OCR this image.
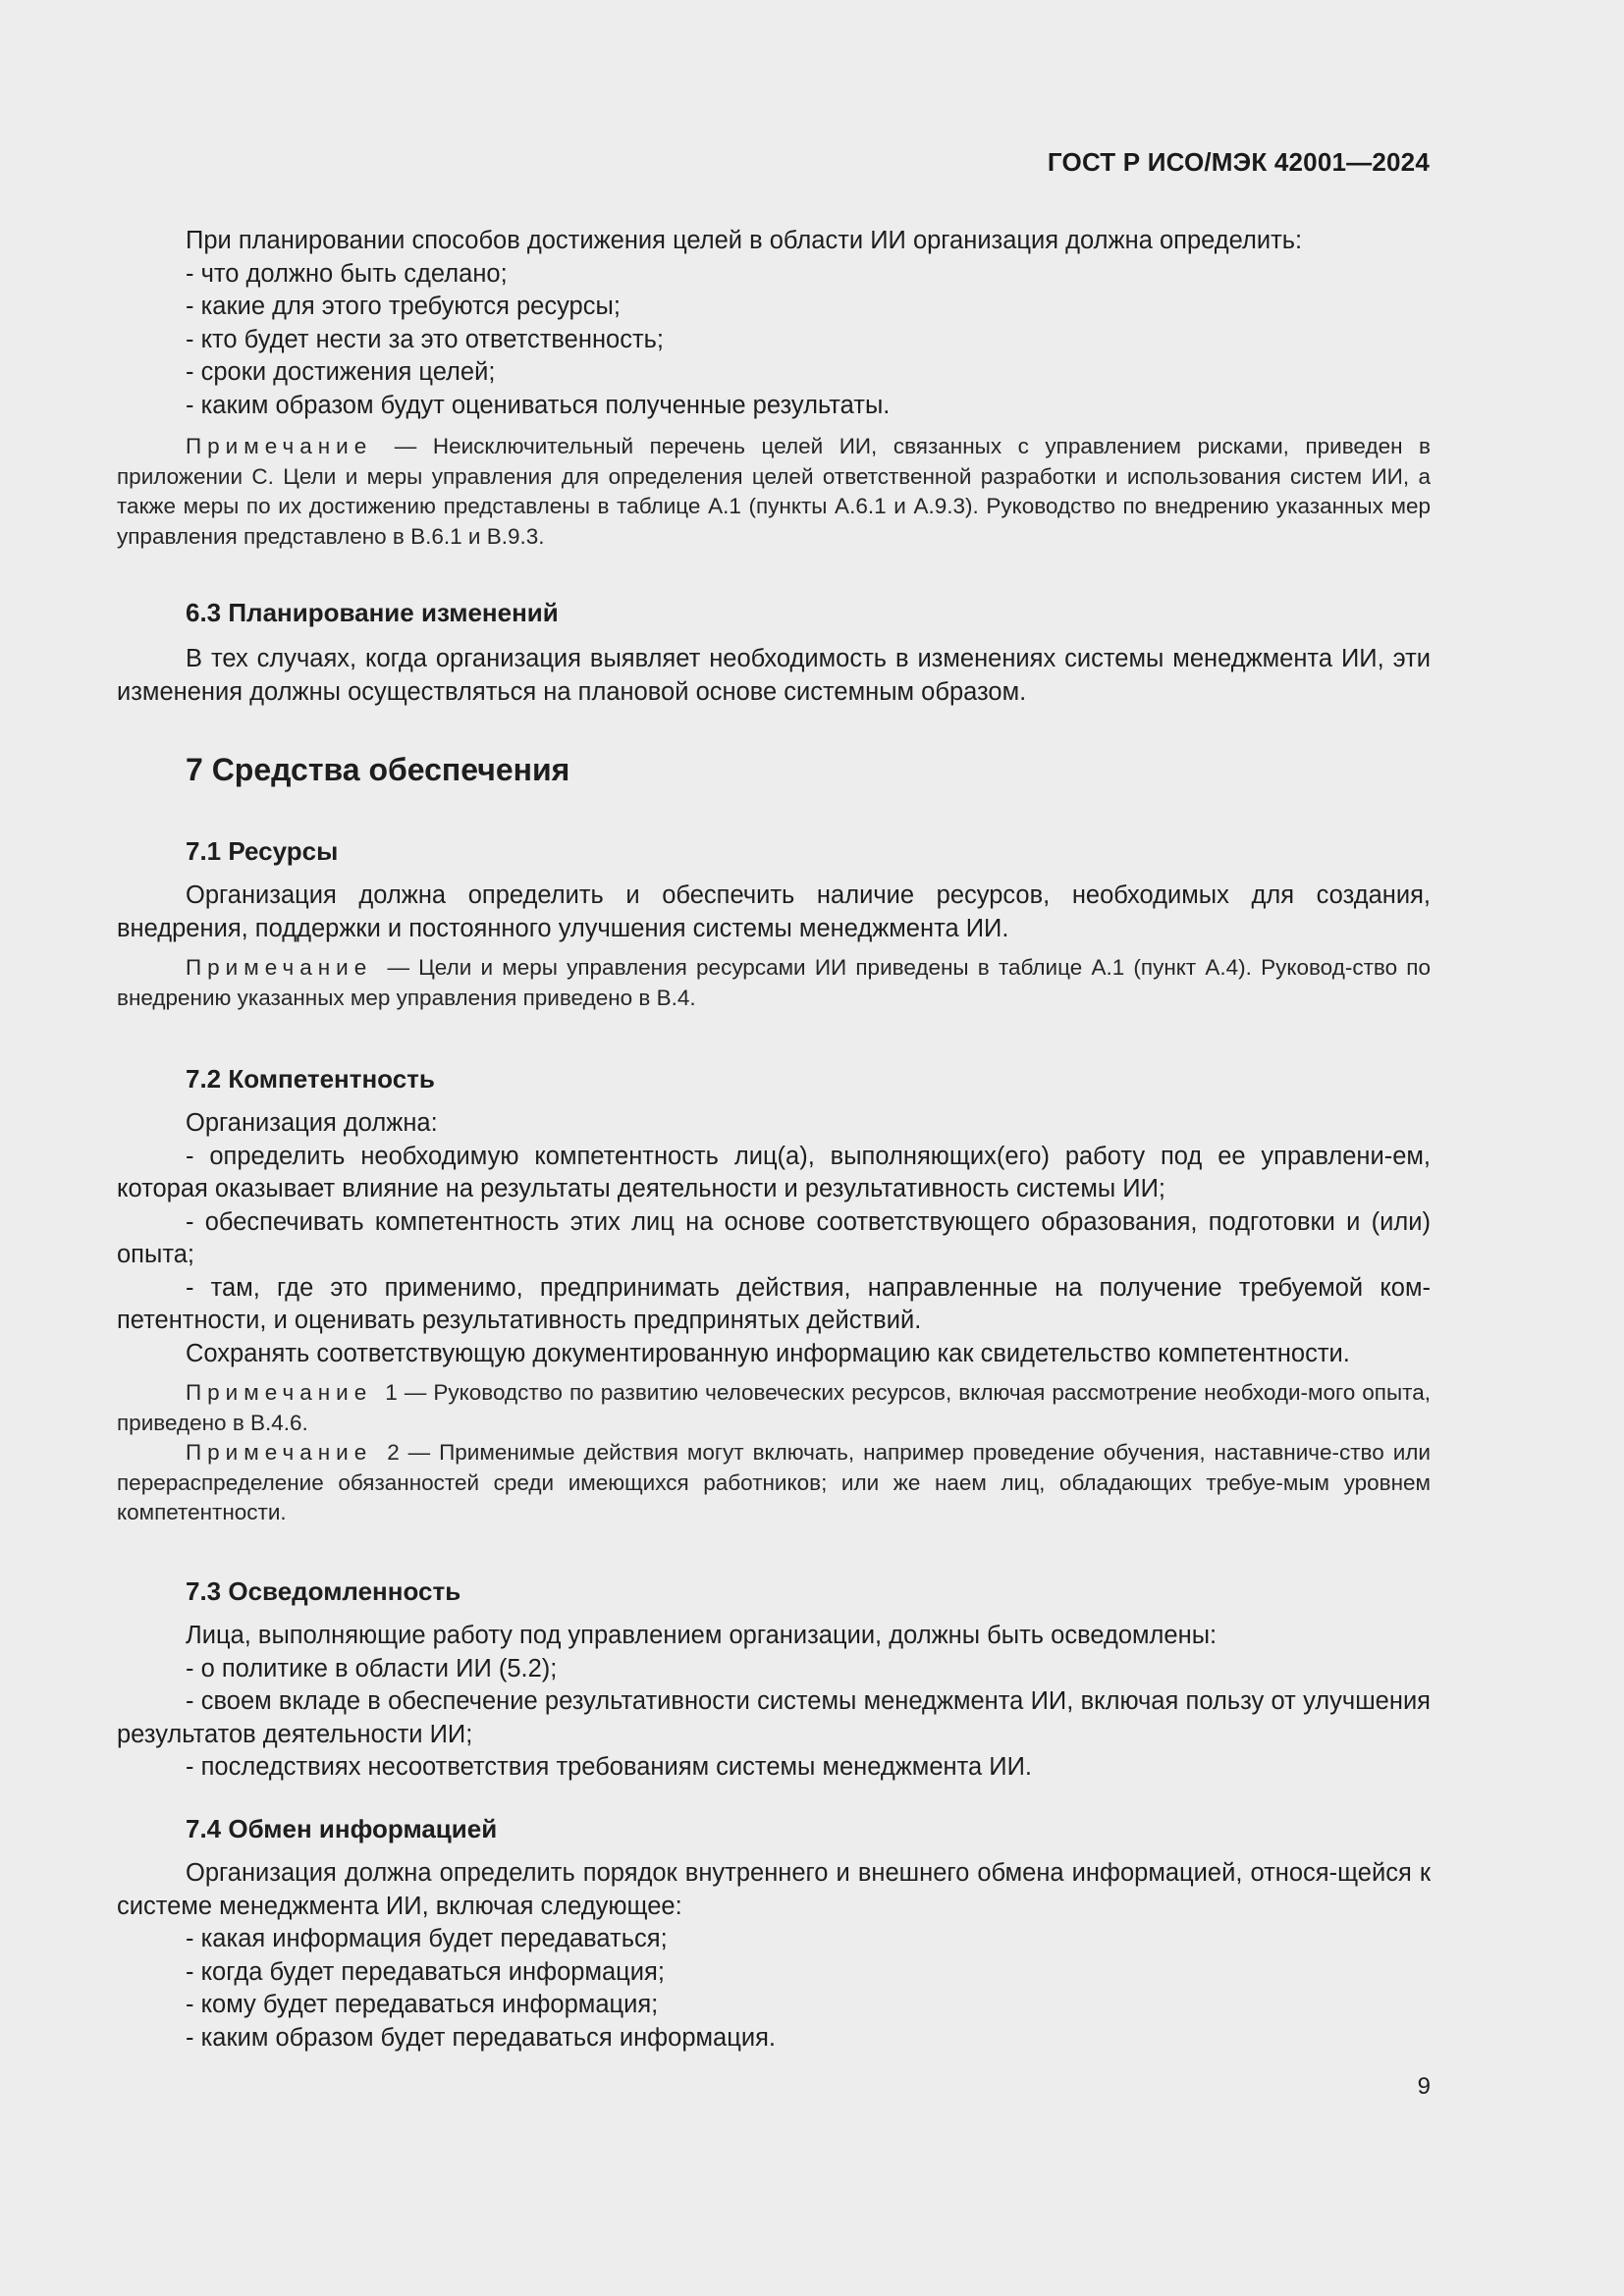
ГОСТ Р ИСО/МЭК 42001—2024

При планировании способов достижения целей в области ИИ организация должна определить:

- что должно быть сделано;

- какие для этого требуются ресурсы;

- кто будет нести за это ответственность;

- сроки достижения целей;

- каким образом будут оцениваться полученные результаты.

Примечание — Неисключительный перечень целей ИИ, связанных с управлением рисками, приведен в приложении C. Цели и меры управления для определения целей ответственной разработки и использования систем ИИ, а также меры по их достижению представлены в таблице A.1 (пункты A.6.1 и A.9.3). Руководство по внедрению указанных мер управления представлено в B.6.1 и B.9.3.

6.3 Планирование изменений

В тех случаях, когда организация выявляет необходимость в изменениях системы менеджмента ИИ, эти изменения должны осуществляться на плановой основе системным образом.

7 Средства обеспечения

7.1 Ресурсы

Организация должна определить и обеспечить наличие ресурсов, необходимых для создания, внедрения, поддержки и постоянного улучшения системы менеджмента ИИ.

Примечание — Цели и меры управления ресурсами ИИ приведены в таблице A.1 (пункт A.4). Руковод-ство по внедрению указанных мер управления приведено в B.4.

7.2 Компетентность

Организация должна:

- определить необходимую компетентность лиц(а), выполняющих(его) работу под ее управлени-ем, которая оказывает влияние на результаты деятельности и результативность системы ИИ;

- обеспечивать компетентность этих лиц на основе соответствующего образования, подготовки и (или) опыта;

- там, где это применимо, предпринимать действия, направленные на получение требуемой ком-петентности, и оценивать результативность предпринятых действий.

Сохранять соответствующую документированную информацию как свидетельство компетентности.

Примечание 1 — Руководство по развитию человеческих ресурсов, включая рассмотрение необходи-мого опыта, приведено в B.4.6.

Примечание 2 — Применимые действия могут включать, например проведение обучения, наставниче-ство или перераспределение обязанностей среди имеющихся работников; или же наем лиц, обладающих требуе-мым уровнем компетентности.

7.3 Осведомленность

Лица, выполняющие работу под управлением организации, должны быть осведомлены:

- о политике в области ИИ (5.2);

- своем вкладе в обеспечение результативности системы менеджмента ИИ, включая пользу от улучшения результатов деятельности ИИ;

- последствиях несоответствия требованиям системы менеджмента ИИ.

7.4 Обмен информацией

Организация должна определить порядок внутреннего и внешнего обмена информацией, относя-щейся к системе менеджмента ИИ, включая следующее:

- какая информация будет передаваться;

- когда будет передаваться информация;

- кому будет передаваться информация;

- каким образом будет передаваться информация.

9
